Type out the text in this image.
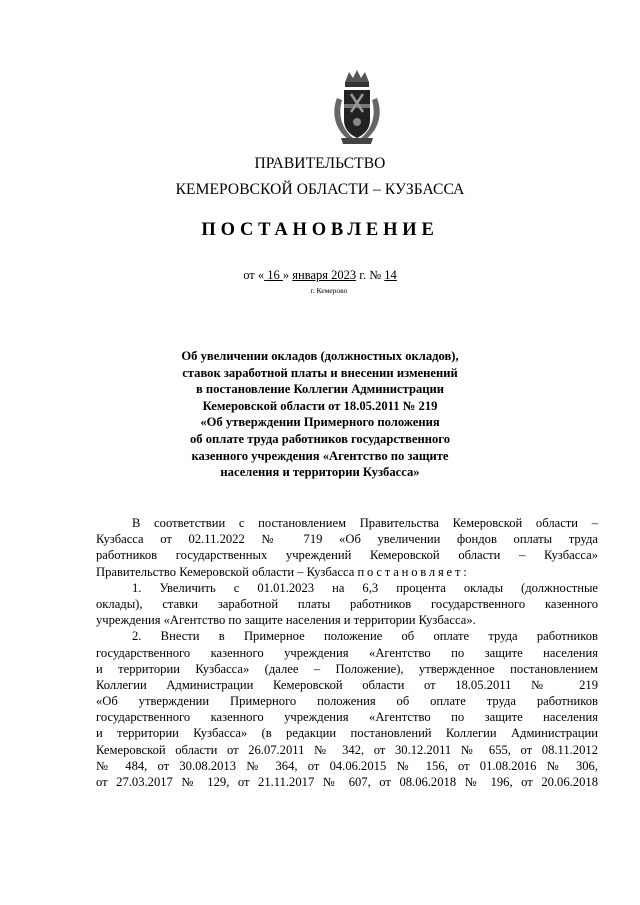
ПРАВИТЕЛЬСТВО
КЕМЕРОВСКОЙ ОБЛАСТИ – КУЗБАССА
ПОСТАНОВЛЕНИЕ
от « 16 » января 2023 г. № 14
г. Кемерово
Об увеличении окладов (должностных окладов),
ставок заработной платы и внесении изменений
в постановление Коллегии Администрации
Кемеровской области от 18.05.2011 № 219
«Об утверждении Примерного положения
об оплате труда работников государственного
казенного учреждения «Агентство по защите
населения и территории Кузбасса»
В соответствии с постановлением Правительства Кемеровской области –
Кузбасса от 02.11.2022 № 719 «Об увеличении фондов оплаты труда
работников государственных учреждений Кемеровской области – Кузбасса»
Правительство Кемеровской области – Кузбасса постановляет:
1. Увеличить с 01.01.2023 на 6,3 процента оклады (должностные
оклады), ставки заработной платы работников государственного казенного
учреждения «Агентство по защите населения и территории Кузбасса».
2. Внести в Примерное положение об оплате труда работников
государственного казенного учреждения «Агентство по защите населения
и территории Кузбасса» (далее – Положение), утвержденное постановлением
Коллегии Администрации Кемеровской области от 18.05.2011 № 219
«Об утверждении Примерного положения об оплате труда работников
государственного казенного учреждения «Агентство по защите населения
и территории Кузбасса» (в редакции постановлений Коллегии Администрации
Кемеровской области от 26.07.2011 № 342, от 30.12.2011 № 655, от 08.11.2012
№ 484, от 30.08.2013 № 364, от 04.06.2015 № 156, от 01.08.2016 № 306,
от 27.03.2017 № 129, от 21.11.2017 № 607, от 08.06.2018 № 196, от 20.06.2018
